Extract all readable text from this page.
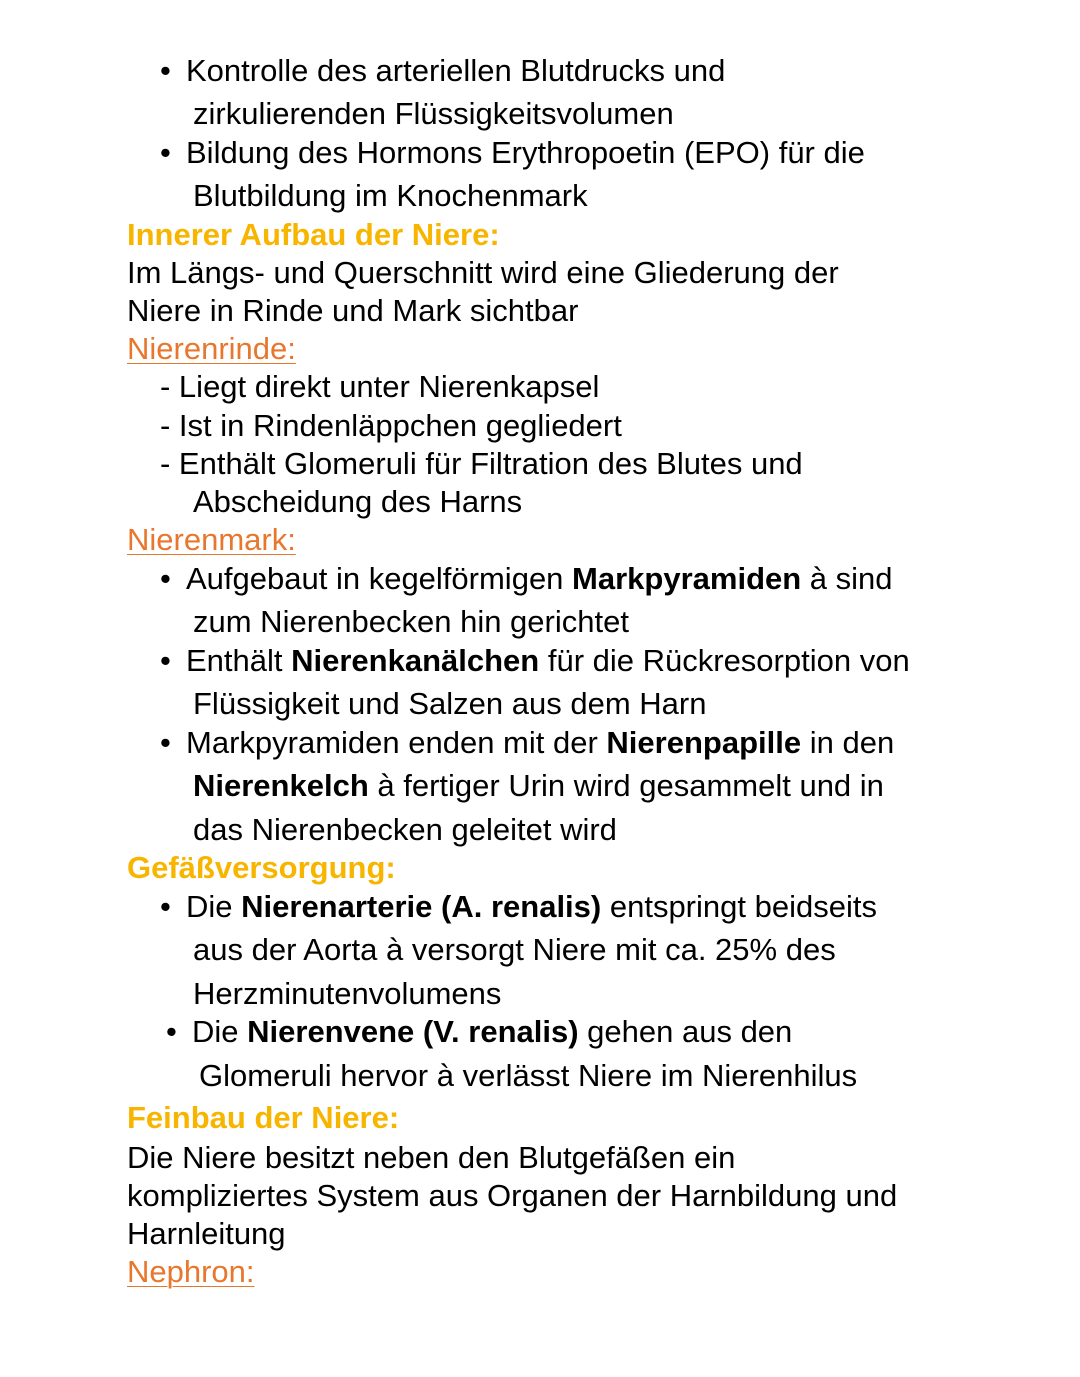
• Kontrolle des arteriellen Blutdrucks und

zirkulierenden Flüssigkeitsvolumen

• Bildung des Hormons Erythropoetin (EPO) für die

Blutbildung im Knochenmark

Innerer Aufbau der Niere:

Im Längs- und Querschnitt wird eine Gliederung der

Niere in Rinde und Mark sichtbar

Nierenrinde:

- Liegt direkt unter Nierenkapsel

- Ist in Rindenläppchen gegliedert

- Enthält Glomeruli für Filtration des Blutes und

Abscheidung des Harns

Nierenmark:

• Aufgebaut in kegelförmigen Markpyramiden à sind

zum Nierenbecken hin gerichtet

• Enthält Nierenkanälchen für die Rückresorption von

Flüssigkeit und Salzen aus dem Harn

• Markpyramiden enden mit der Nierenpapille in den

Nierenkelch à fertiger Urin wird gesammelt und in

das Nierenbecken geleitet wird

Gefäßversorgung:

• Die Nierenarterie (A. renalis) entspringt beidseits

aus der Aorta à versorgt Niere mit ca. 25% des

Herzminutenvolumens

• Die Nierenvene (V. renalis) gehen aus den

Glomeruli hervor à verlässt Niere im Nierenhilus

Feinbau der Niere:

Die Niere besitzt neben den Blutgefäßen ein

kompliziertes System aus Organen der Harnbildung und

Harnleitung

Nephron:
